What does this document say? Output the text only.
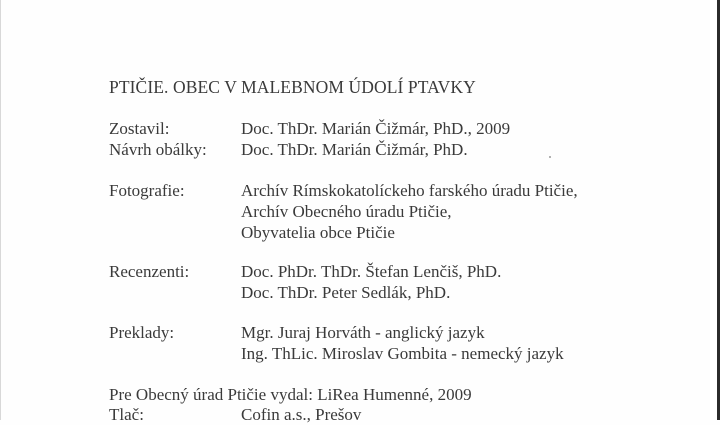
PTIČIE. OBEC V MALEBNOM ÚDOLÍ PTAVKY
Zostavil:	Doc. ThDr. Marián Čižmár, PhD., 2009
Návrh obálky: Doc. ThDr. Marián Čižmár, PhD.
Fotografie:	Archív Rímskokatolíckeho farského úradu Ptičie,
Archív Obecného úradu Ptičie,
Obyvatelia obce Ptičie
Recenzenti:	Doc. PhDr. ThDr. Štefan Lenčiš, PhD.
Doc. ThDr. Peter Sedlák, PhD.
Preklady:	Mgr. Juraj Horváth - anglický jazyk
Ing. ThLic. Miroslav Gombita - nemecký jazyk
Pre Obecný úrad Ptičie vydal: LiRea Humenné, 2009
Tlač:	Cofin a.s., Prešov
